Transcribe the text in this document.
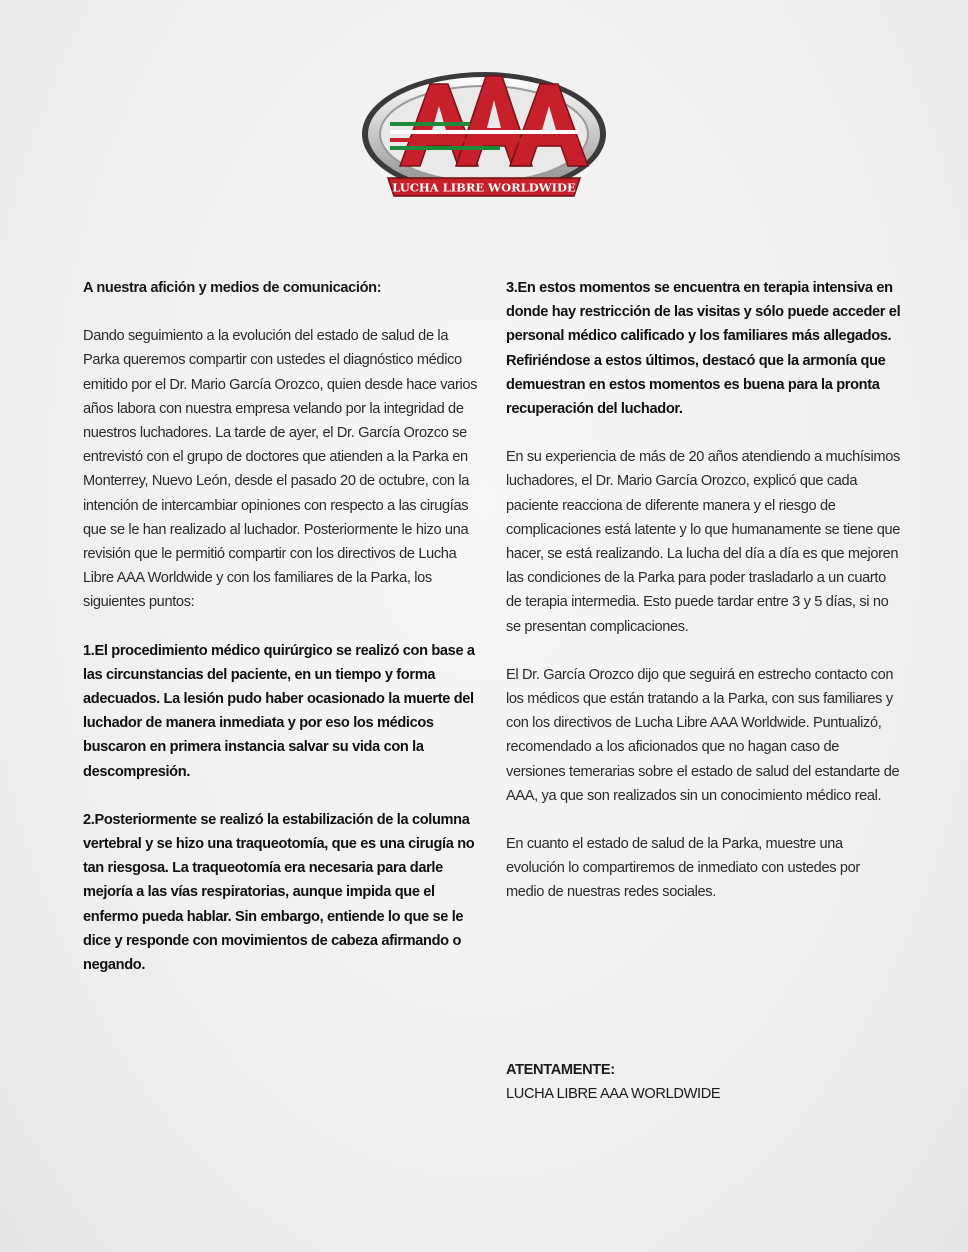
LUCHA LIBRE WORLDWIDE

A nuestra afición y medios de comunicación:

Dando seguimiento a la evolución del estado de salud de la Parka queremos compartir con ustedes el diagnóstico médico emitido por el Dr. Mario García Orozco, quien desde hace varios años labora con nuestra empresa velando por la integridad de nuestros luchadores. La tarde de ayer, el Dr. García Orozco se entrevistó con el grupo de doctores que atienden a la Parka en Monterrey, Nuevo León, desde el pasado 20 de octubre, con la intención de intercambiar opiniones con respecto a las cirugías que se le han realizado al luchador. Posteriormente le hizo una revisión que le permitió compartir con los directivos de Lucha Libre AAA Worldwide y con los familiares de la Parka, los siguientes puntos:

1.El procedimiento médico quirúrgico se realizó con base a las circunstancias del paciente, en un tiempo y forma adecuados. La lesión pudo haber ocasionado la muerte del luchador de manera inmediata y por eso los médicos buscaron en primera instancia salvar su vida con la descompresión.

2.Posteriormente se realizó la estabilización de la columna vertebral y se hizo una traqueotomía, que es una cirugía no tan riesgosa. La traqueotomía era necesaria para darle mejoría a las vías respiratorias, aunque impida que el enfermo pueda hablar. Sin embargo, entiende lo que se le dice y responde con movimientos de cabeza afirmando o negando.

3.En estos momentos se encuentra en terapia intensiva en donde hay restricción de las visitas y sólo puede acceder el personal médico calificado y los familiares más allegados. Refiriéndose a estos últimos, destacó que la armonía que demuestran en estos momentos es buena para la pronta recuperación del luchador.

En su experiencia de más de 20 años atendiendo a muchísimos luchadores, el Dr. Mario García Orozco, explicó que cada paciente reacciona de diferente manera y el riesgo de complicaciones está latente y lo que humanamente se tiene que hacer, se está realizando. La lucha del día a día es que mejoren las condiciones de la Parka para poder trasladarlo a un cuarto de terapia intermedia. Esto puede tardar entre 3 y 5 días, si no se presentan complicaciones.

El Dr. García Orozco dijo que seguirá en estrecho contacto con los médicos que están tratando a la Parka, con sus familiares y con los directivos de Lucha Libre AAA Worldwide. Puntualizó, recomendado a los aficionados que no hagan caso de versiones temerarias sobre el estado de salud del estandarte de AAA, ya que son realizados sin un conocimiento médico real.

En cuanto el estado de salud de la Parka, muestre una evolución lo compartiremos de inmediato con ustedes por medio de nuestras redes sociales.

ATENTAMENTE:
LUCHA LIBRE AAA WORLDWIDE
